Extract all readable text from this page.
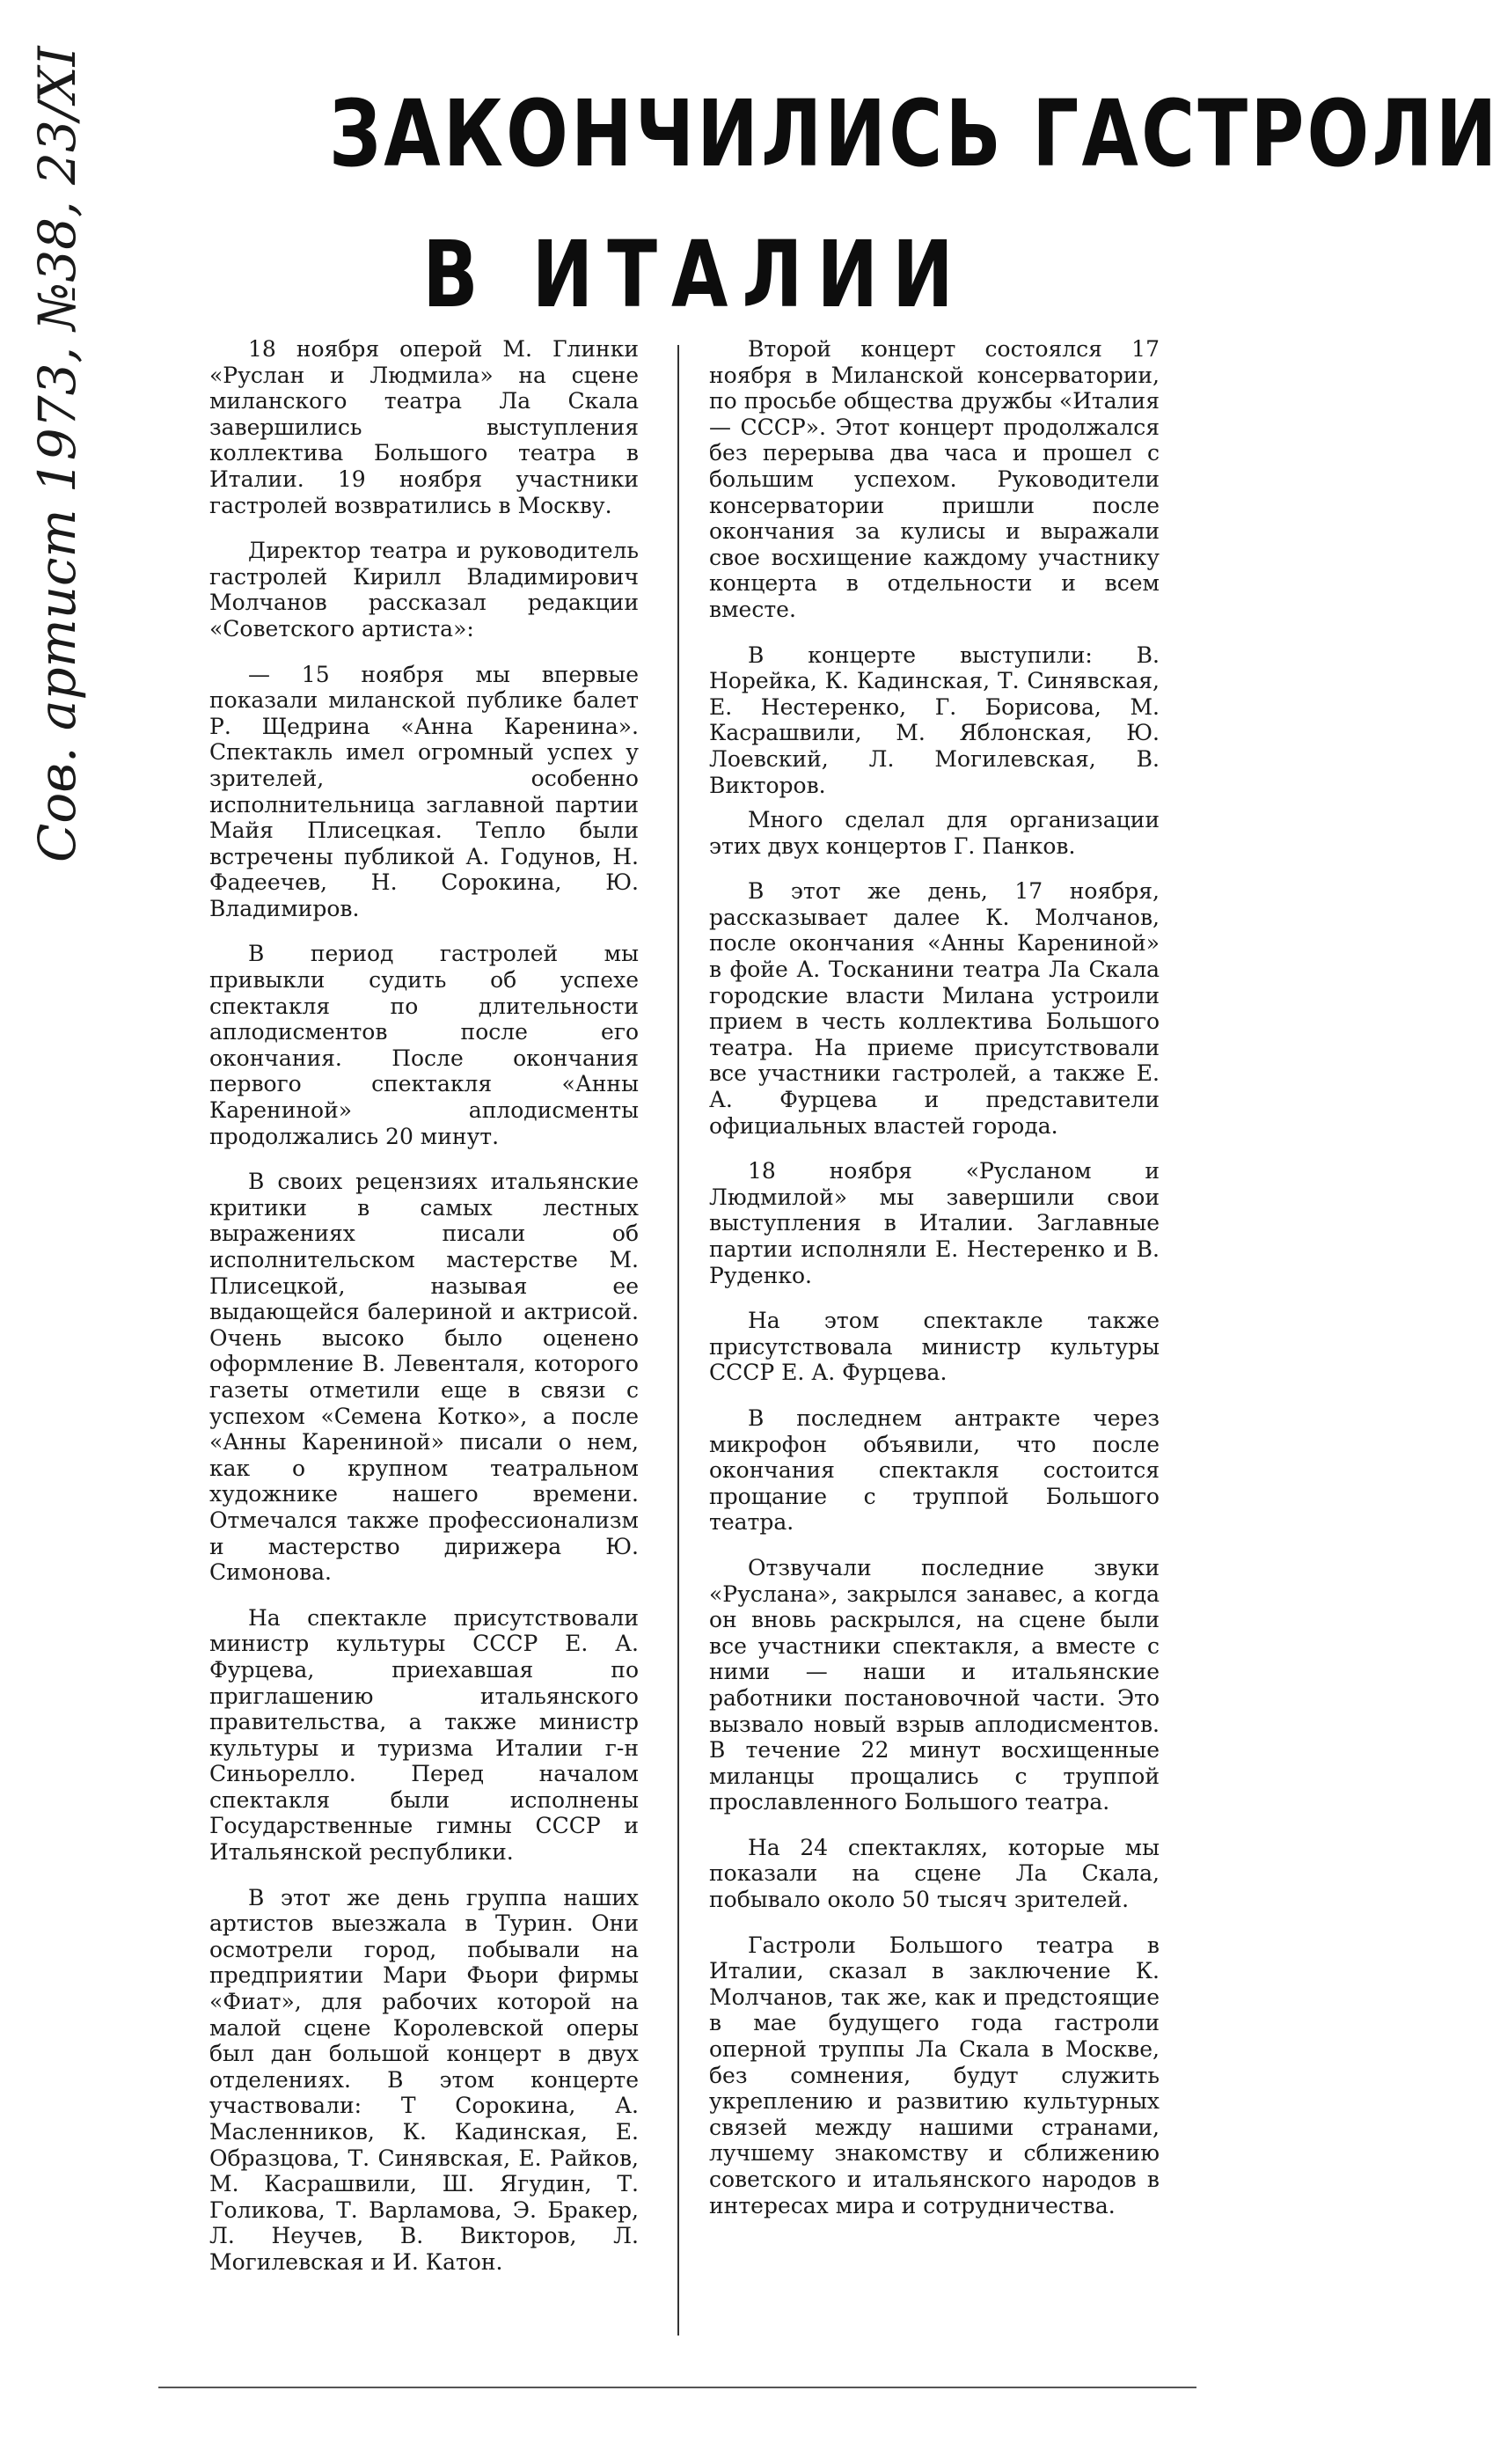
Сов. артист 1973, №38, 23/XI	ЗАКОНЧИЛИСЬ ГАСТРОЛИ
В ИТАЛИИ

18 ноября оперой М. Глинки «Руслан и Людмила» на сцене миланского театра Ла Скала завершились выступления коллектива Большого театра в Италии. 19 ноября участники гастролей возвратились в Москву.

Директор театра и руководитель гастролей Кирилл Владимирович Молчанов рассказал редакции «Советского артиста»:

— 15 ноября мы впервые показали миланской публике балет Р. Щедрина «Анна Каренина». Спектакль имел огромный успех у зрителей, особенно исполнительница заглавной партии Майя Плисецкая. Тепло были встречены публикой А. Годунов, Н. Фадеечев, Н. Сорокина, Ю. Владимиров.

В период гастролей мы привыкли судить об успехе спектакля по длительности аплодисментов после его окончания. После окончания первого спектакля «Анны Карениной» аплодисменты продолжались 20 минут.

В своих рецензиях итальянские критики в самых лестных выражениях писали об исполнительском мастерстве М. Плисецкой, называя ее выдающейся балериной и актрисой. Очень высоко было оценено оформление В. Левенталя, которого газеты отметили еще в связи с успехом «Семена Котко», а после «Анны Карениной» писали о нем, как о крупном театральном художнике нашего времени. Отмечался также профессионализм и мастерство дирижера Ю. Симонова.

На спектакле присутствовали министр культуры СССР Е. А. Фурцева, приехавшая по приглашению итальянского правительства, а также министр культуры и туризма Италии г-н Синьорелло. Перед началом спектакля были исполнены Государственные гимны СССР и Итальянской республики.

В этот же день группа наших артистов выезжала в Турин. Они осмотрели город, побывали на предприятии Мари Фьори фирмы «Фиат», для рабочих которой на малой сцене Королевской оперы был дан большой концерт в двух отделениях. В этом концерте участвовали: Т Сорокина, А. Масленников, К. Кадинская, Е. Образцова, Т. Синявская, Е. Райков, М. Касрашвили, Ш. Ягудин, Т. Голикова, Т. Варламова, Э. Бракер, Л. Неучев, В. Викторов, Л. Могилевская и И. Катон.

Второй концерт состоялся 17 ноября в Миланской консерватории, по просьбе общества дружбы «Италия — СССР». Этот концерт продолжался без перерыва два часа и прошел с большим успехом. Руководители консерватории пришли после окончания за кулисы и выражали свое восхищение каждому участнику концерта в отдельности и всем вместе.

В концерте выступили: В. Норейка, К. Кадинская, Т. Синявская, Е. Нестеренко, Г. Борисова, М. Касрашвили, М. Яблонская, Ю. Лоевский, Л. Могилевская, В. Викторов.

Много сделал для организации этих двух концертов Г. Панков.

В этот же день, 17 ноября, рассказывает далее К. Молчанов, после окончания «Анны Карениной» в фойе А. Тосканини театра Ла Скала городские власти Милана устроили прием в честь коллектива Большого театра. На приеме присутствовали все участники гастролей, а также Е. А. Фурцева и представители официальных властей города.

18 ноября «Русланом и Людмилой» мы завершили свои выступления в Италии. Заглавные партии исполняли Е. Нестеренко и В. Руденко.

На этом спектакле также присутствовала министр культуры СССР Е. А. Фурцева.

В последнем антракте через микрофон объявили, что после окончания спектакля состоится прощание с труппой Большого театра.

Отзвучали последние звуки «Руслана», закрылся занавес, а когда он вновь раскрылся, на сцене были все участники спектакля, а вместе с ними — наши и итальянские работники постановочной части. Это вызвало новый взрыв аплодисментов. В течение 22 минут восхищенные миланцы прощались с труппой прославленного Большого театра.

На 24 спектаклях, которые мы показали на сцене Ла Скала, побывало около 50 тысяч зрителей.

Гастроли Большого театра в Италии, сказал в заключение К. Молчанов, так же, как и предстоящие в мае будущего года гастроли оперной труппы Ла Скала в Москве, без сомнения, будут служить укреплению и развитию культурных связей между нашими странами, лучшему знакомству и сближению советского и итальянского народов в интересах мира и сотрудничества.
